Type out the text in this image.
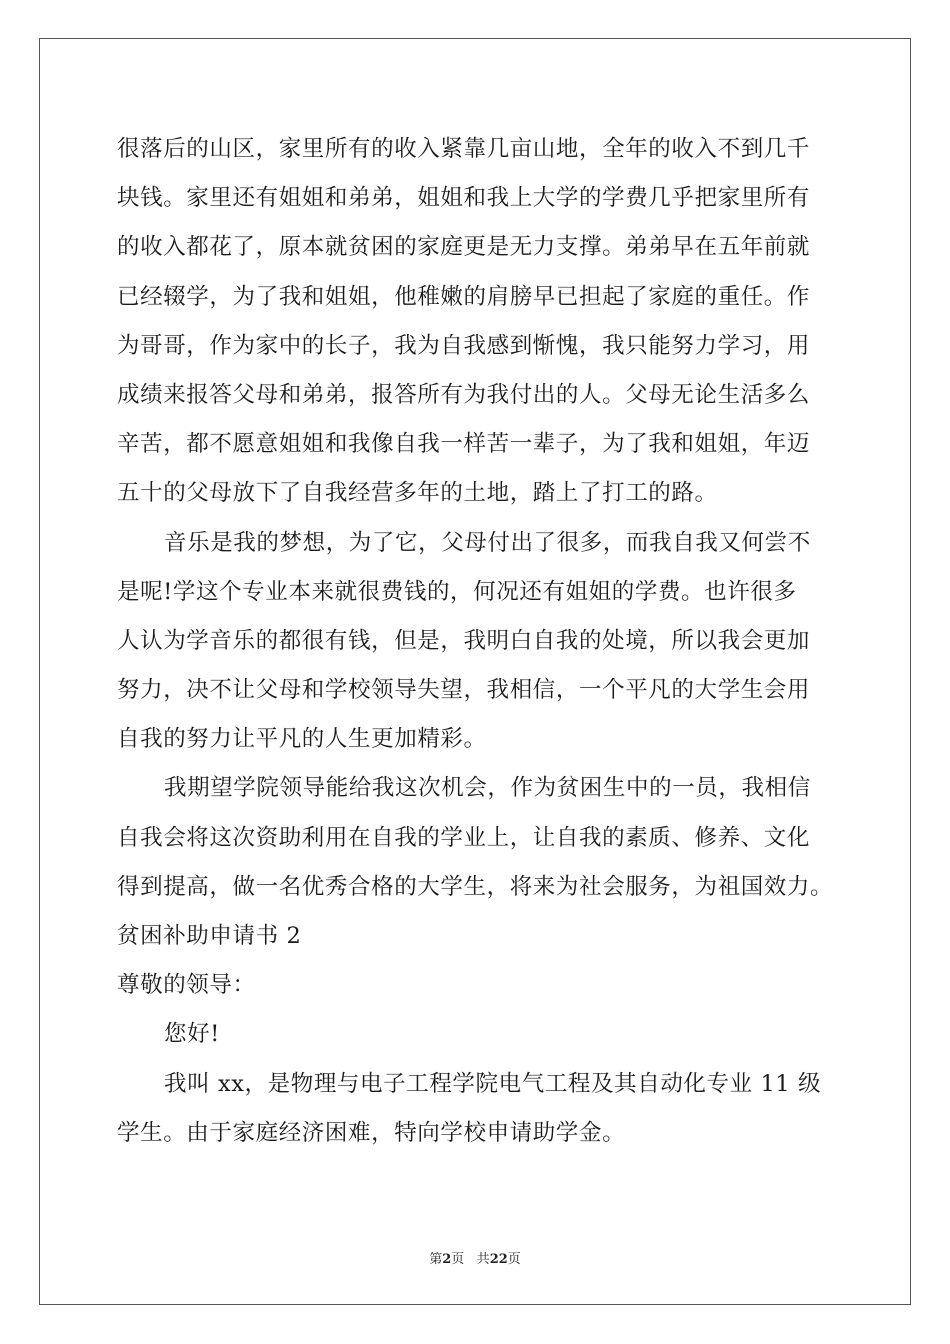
很落后的山区，家里所有的收入紧靠几亩山地，全年的收入不到几千
块钱。家里还有姐姐和弟弟，姐姐和我上大学的学费几乎把家里所有
的收入都花了，原本就贫困的家庭更是无力支撑。弟弟早在五年前就
已经辍学，为了我和姐姐，他稚嫩的肩膀早已担起了家庭的重任。作
为哥哥，作为家中的长子，我为自我感到惭愧，我只能努力学习，用
成绩来报答父母和弟弟，报答所有为我付出的人。父母无论生活多么
辛苦，都不愿意姐姐和我像自我一样苦一辈子，为了我和姐姐，年迈
五十的父母放下了自我经营多年的土地，踏上了打工的路。
音乐是我的梦想，为了它，父母付出了很多，而我自我又何尝不
是呢!学这个专业本来就很费钱的，何况还有姐姐的学费。也许很多
人认为学音乐的都很有钱，但是，我明白自我的处境，所以我会更加
努力，决不让父母和学校领导失望，我相信，一个平凡的大学生会用
自我的努力让平凡的人生更加精彩。
我期望学院领导能给我这次机会，作为贫困生中的一员，我相信
自我会将这次资助利用在自我的学业上，让自我的素质、修养、文化
得到提高，做一名优秀合格的大学生，将来为社会服务，为祖国效力。
贫困补助申请书 2
尊敬的领导：
您好!
我叫 xx，是物理与电子工程学院电气工程及其自动化专业 11 级
学生。由于家庭经济困难，特向学校申请助学金。
第2页 共22页
